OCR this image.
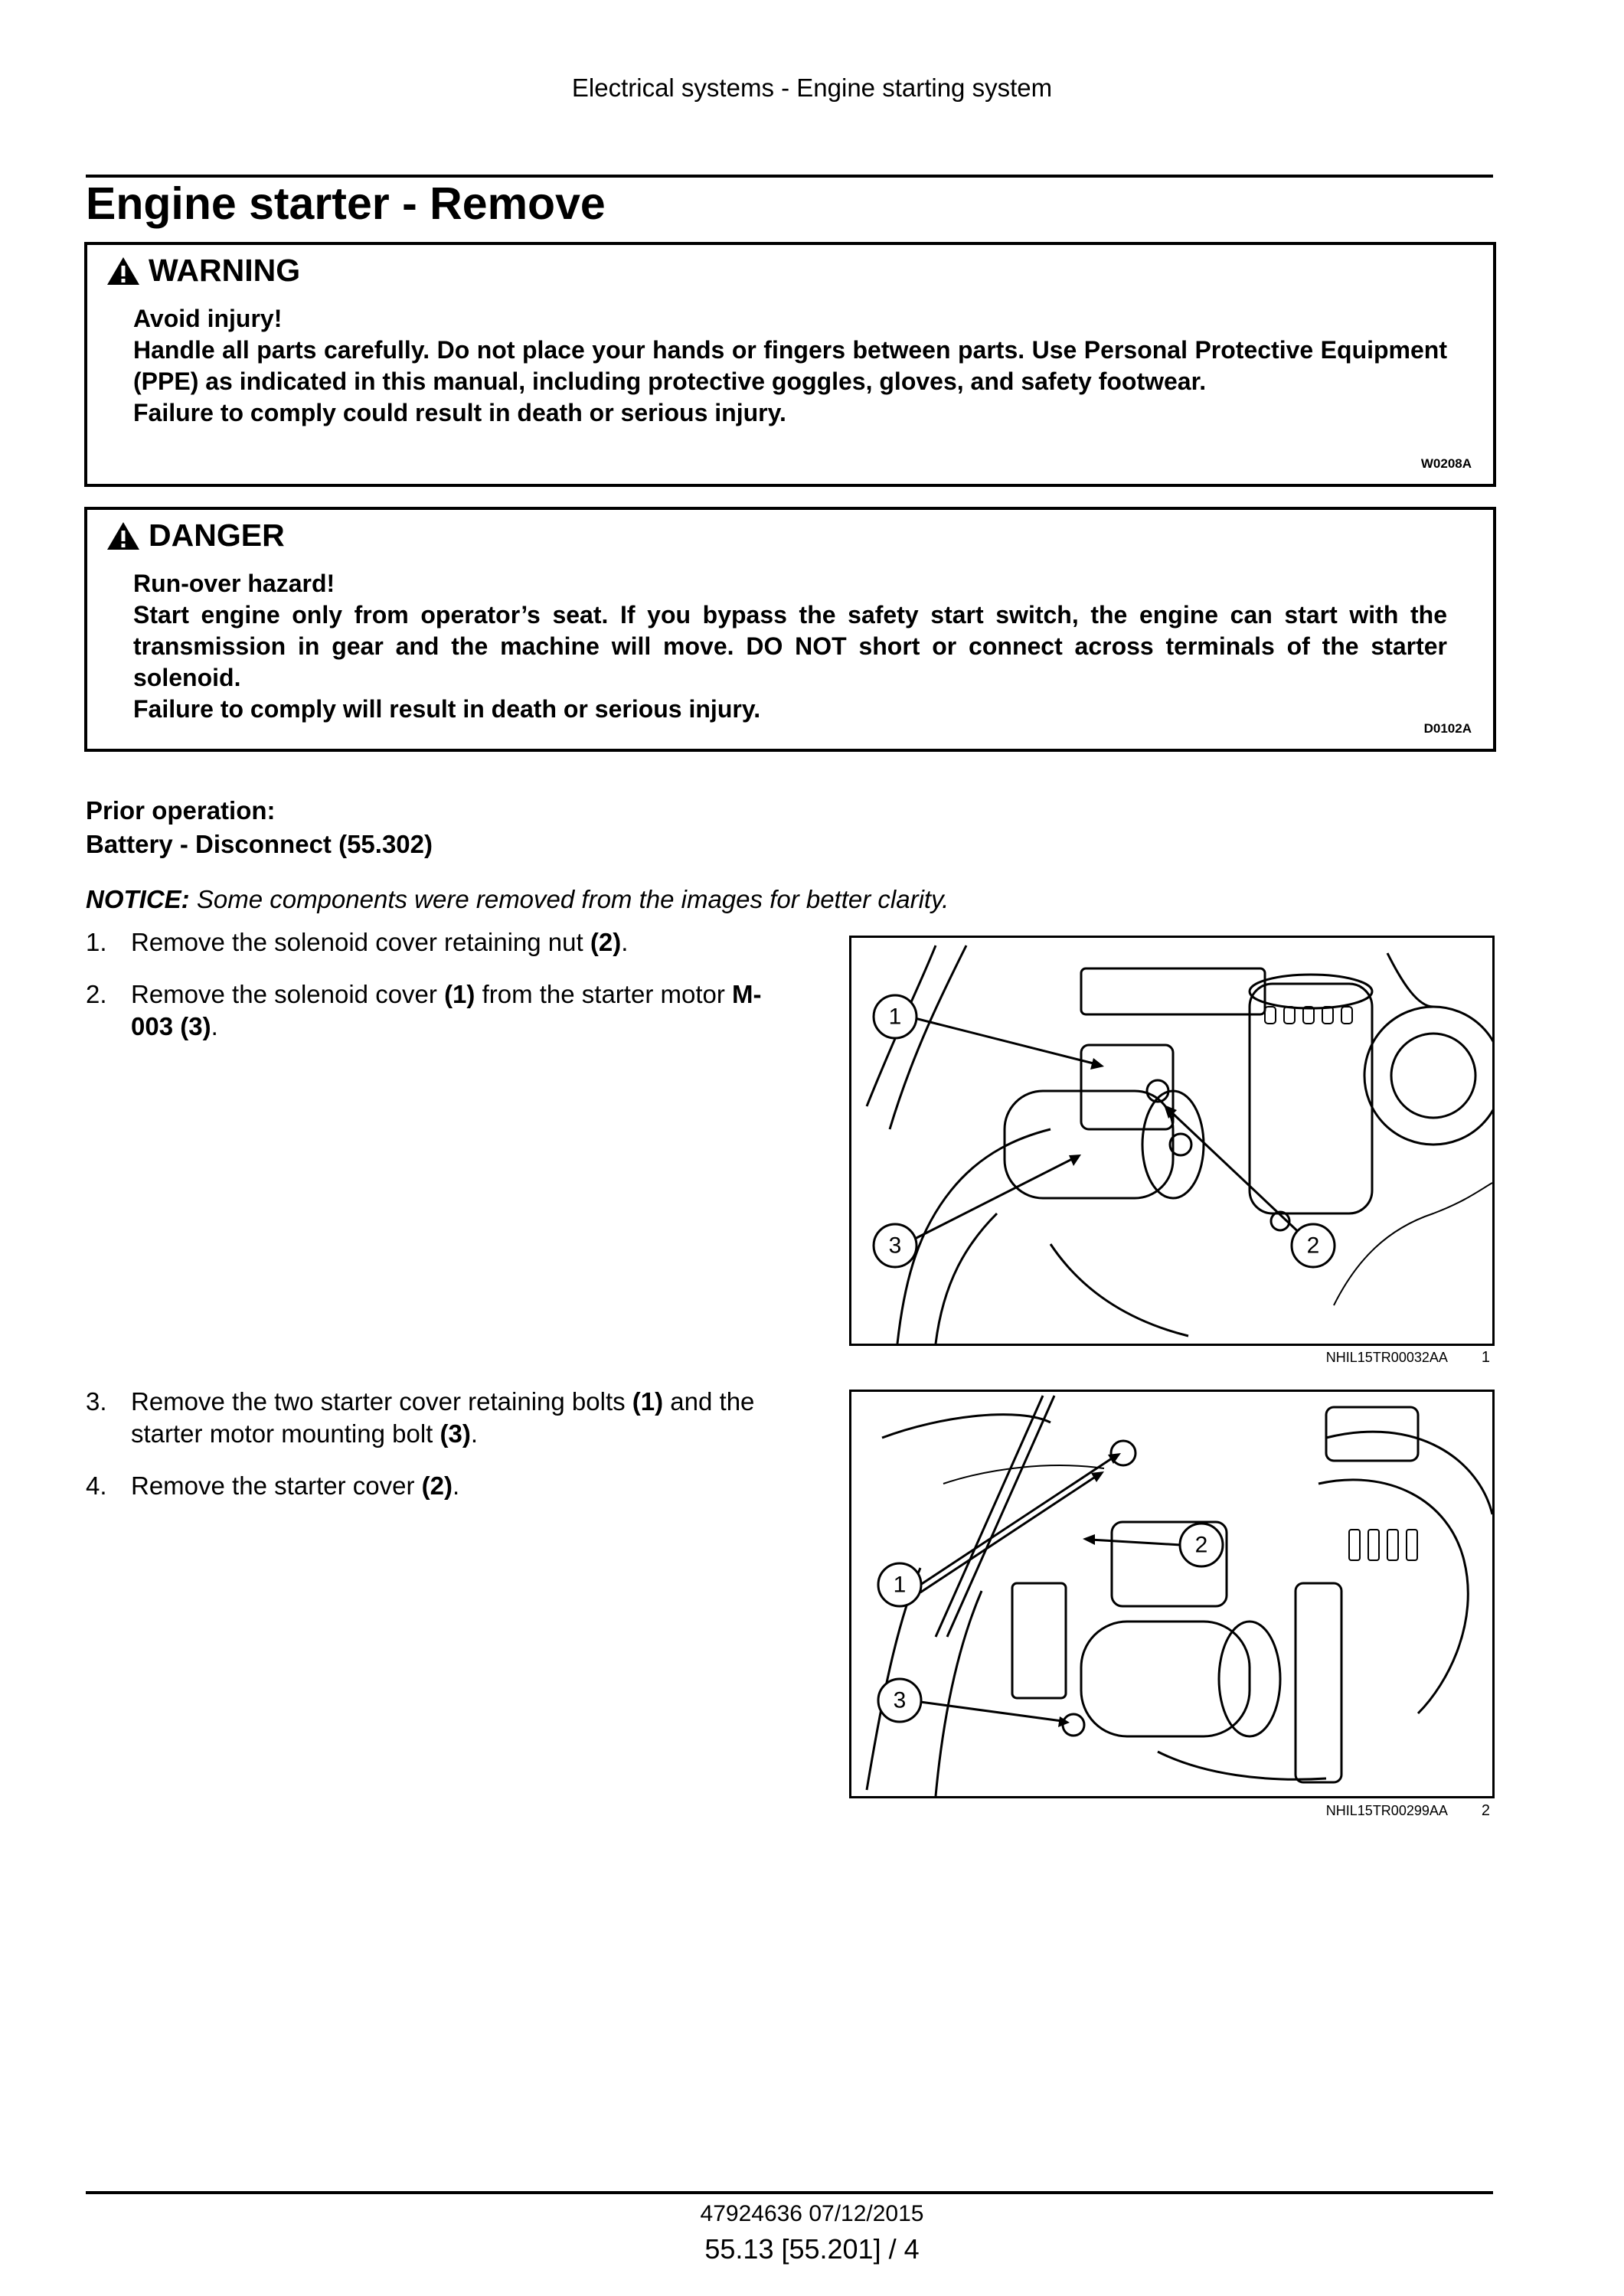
Electrical systems - Engine starting system
Engine starter - Remove
WARNING

Avoid injury!

Handle all parts carefully. Do not place your hands or fingers between parts. Use Personal Protective Equipment (PPE) as indicated in this manual, including protective goggles, gloves, and safety footwear.

Failure to comply could result in death or serious injury.

W0208A
DANGER

Run-over hazard!

Start engine only from operator’s seat. If you bypass the safety start switch, the engine can start with the transmission in gear and the machine will move. DO NOT short or connect across terminals of the starter solenoid.

Failure to comply will result in death or serious injury.

D0102A
Prior operation:
Battery - Disconnect (55.302)
NOTICE: Some components were removed from the images for better clarity.
1. Remove the solenoid cover retaining nut (2).
2. Remove the solenoid cover (1) from the starter motor M-003 (3).
3. Remove the two starter cover retaining bolts (1) and the starter motor mounting bolt (3).
4. Remove the starter cover (2).
1
3	2
NHIL15TR00032AA 1
1
2
3
NHIL15TR00299AA 2
47924636 07/12/2015
55.13 [55.201] / 4
